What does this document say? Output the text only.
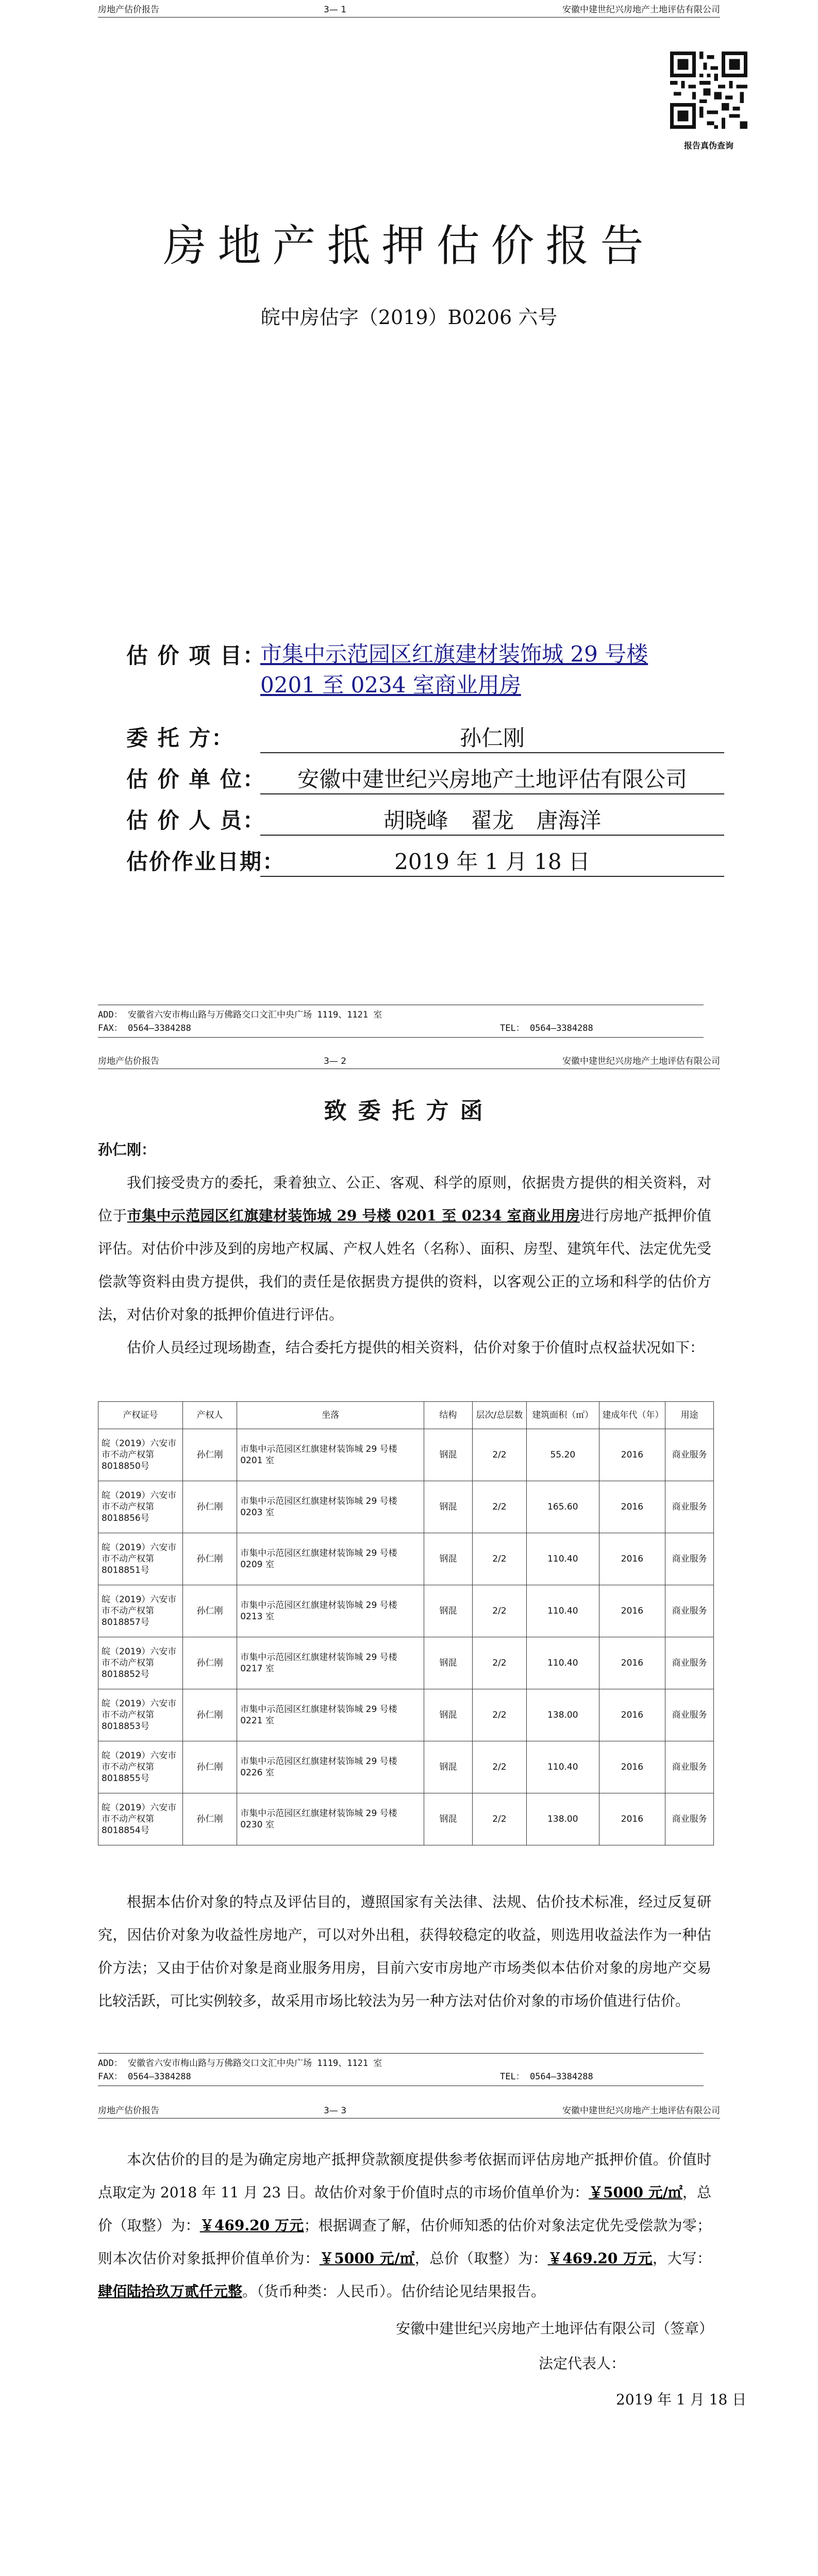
房地产估价报告	3— 1	安徽中建世纪兴房地产土地评估有限公司
报告真伪查询
房地产抵押估价报告
皖中房估字（2019）B0206 六号
估 价 项 目：
市集中示范园区红旗建材装饰城 29 号楼 0201 至 0234 室商业用房
委 托 方：	孙仁刚
估 价 单 位：	安徽中建世纪兴房地产土地评估有限公司
估 价 人 员：	胡晓峰 翟龙 唐海洋
估价作业日期：	2019 年 1 月 18 日
ADD： 安徽省六安市梅山路与万佛路交口文汇中央广场 1119、1121 室
FAX： 0564—3384288	TEL： 0564—3384288
房地产估价报告	3— 2	安徽中建世纪兴房地产土地评估有限公司
致委托方函

孙仁刚：

我们接受贵方的委托，秉着独立、公正、客观、科学的原则，依据贵方提供的相关资料，对位于市集中示范园区红旗建材装饰城 29 号楼 0201 至 0234 室商业用房进行房地产抵押价值评估。对估价中涉及到的房地产权属、产权人姓名（名称）、面积、房型、建筑年代、法定优先受偿款等资料由贵方提供，我们的责任是依据贵方提供的资料，以客观公正的立场和科学的估价方法，对估价对象的抵押价值进行评估。

估价人员经过现场勘查，结合委托方提供的相关资料，估价对象于价值时点权益状况如下：

产权证号	产权人	坐落	结构	层次/总层数	建筑面积（㎡）	建成年代（年）	用途
皖（2019）六安市市不动产权第8018850号	孙仁刚	市集中示范园区红旗建材装饰城 29 号楼 0201 室	钢混	2/2	55.20	2016	商业服务
皖（2019）六安市市不动产权第8018856号	孙仁刚	市集中示范园区红旗建材装饰城 29 号楼 0203 室	钢混	2/2	165.60	2016	商业服务
皖（2019）六安市市不动产权第8018851号	孙仁刚	市集中示范园区红旗建材装饰城 29 号楼 0209 室	钢混	2/2	110.40	2016	商业服务
皖（2019）六安市市不动产权第8018857号	孙仁刚	市集中示范园区红旗建材装饰城 29 号楼 0213 室	钢混	2/2	110.40	2016	商业服务
皖（2019）六安市市不动产权第8018852号	孙仁刚	市集中示范园区红旗建材装饰城 29 号楼 0217 室	钢混	2/2	110.40	2016	商业服务
皖（2019）六安市市不动产权第8018853号	孙仁刚	市集中示范园区红旗建材装饰城 29 号楼 0221 室	钢混	2/2	138.00	2016	商业服务
皖（2019）六安市市不动产权第8018855号	孙仁刚	市集中示范园区红旗建材装饰城 29 号楼 0226 室	钢混	2/2	110.40	2016	商业服务
皖（2019）六安市市不动产权第8018854号	孙仁刚	市集中示范园区红旗建材装饰城 29 号楼 0230 室	钢混	2/2	138.00	2016	商业服务

根据本估价对象的特点及评估目的，遵照国家有关法律、法规、估价技术标准，经过反复研究，因估价对象为收益性房地产，可以对外出租，获得较稳定的收益，则选用收益法作为一种估价方法；又由于估价对象是商业服务用房，目前六安市房地产市场类似本估价对象的房地产交易比较活跃，可比实例较多，故采用市场比较法为另一种方法对估价对象的市场价值进行估价。

ADD： 安徽省六安市梅山路与万佛路交口文汇中央广场 1119、1121 室
FAX： 0564—3384288	TEL： 0564—3384288
房地产估价报告	3— 3	安徽中建世纪兴房地产土地评估有限公司

本次估价的目的是为确定房地产抵押贷款额度提供参考依据而评估房地产抵押价值。价值时点取定为 2018 年 11 月 23 日。故估价对象于价值时点的市场价值单价为：￥5000 元/㎡，总价（取整）为：￥469.20 万元；根据调查了解，估价师知悉的估价对象法定优先受偿款为零；则本次估价对象抵押价值单价为：￥5000 元/㎡，总价（取整）为：￥469.20 万元，大写：肆佰陆拾玖万贰仟元整。（货币种类：人民币）。估价结论见结果报告。

安徽中建世纪兴房地产土地评估有限公司（签章）
法定代表人：
2019 年 1 月 18 日
